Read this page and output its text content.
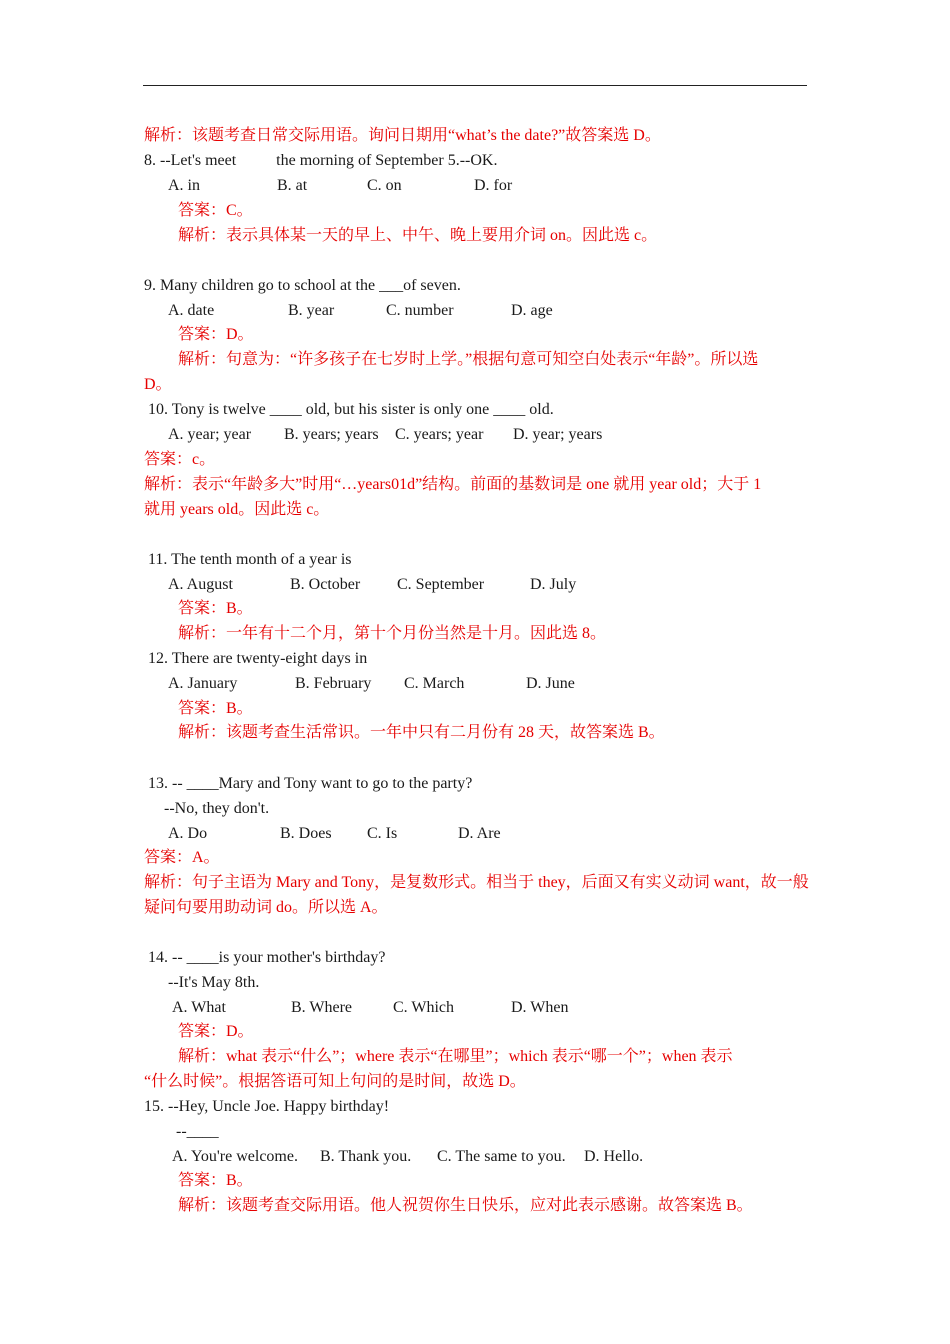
解析：该题考查日常交际用语。询问日期用“what’s the date?”故答案选 D。
8. --Let's meet          the morning of September 5.--OK.
A. in	B. at	C. on	D. for
答案：C。
解析：表示具体某一天的早上、中午、晚上要用介词 on。因此选 c。
9. Many children go to school at the ___of seven.
A. date	B. year	C. number	D. age
答案：D。
解析：句意为：“许多孩子在七岁时上学。”根据句意可知空白处表示“年龄”。所以选
D。
10. Tony is twelve ____ old, but his sister is only one ____ old.
A. year; year B. years; years C. years; year D. year; years
答案：c。
解析：表示“年龄多大”时用“…years01d”结构。前面的基数词是 one 就用 year old；大于 1
就用 years old。因此选 c。
11. The tenth month of a year is
A. August	B. October C. September	D. July
答案：B。
解析：一年有十二个月，第十个月份当然是十月。因此选 8。
12. There are twenty-eight days in
A. January	B. February C. March	D. June
答案：B。
解析：该题考查生活常识。一年中只有二月份有 28 天，故答案选 B。
13. -- ____Mary and Tony want to go to the party?
--No, they don't.
A. Do	B. Does C. Is	D. Are
答案：A。
解析：句子主语为 Mary and Tony，是复数形式。相当于 they，后面又有实义动词 want，故一般
疑问句要用助动词 do。所以选 A。
14. -- ____is your mother's birthday?
--It's May 8th.
A. What	B. Where	C. Which	D. When
答案：D。
解析：what 表示“什么”；where 表示“在哪里”；which 表示“哪一个”；when 表示
“什么时候”。根据答语可知上句问的是时间，故选 D。
15. --Hey, Uncle Joe. Happy birthday!
--____
A. You're welcome. B. Thank you. C. The same to you. D. Hello.
答案：B。
解析：该题考查交际用语。他人祝贺你生日快乐，应对此表示感谢。故答案选 B。
